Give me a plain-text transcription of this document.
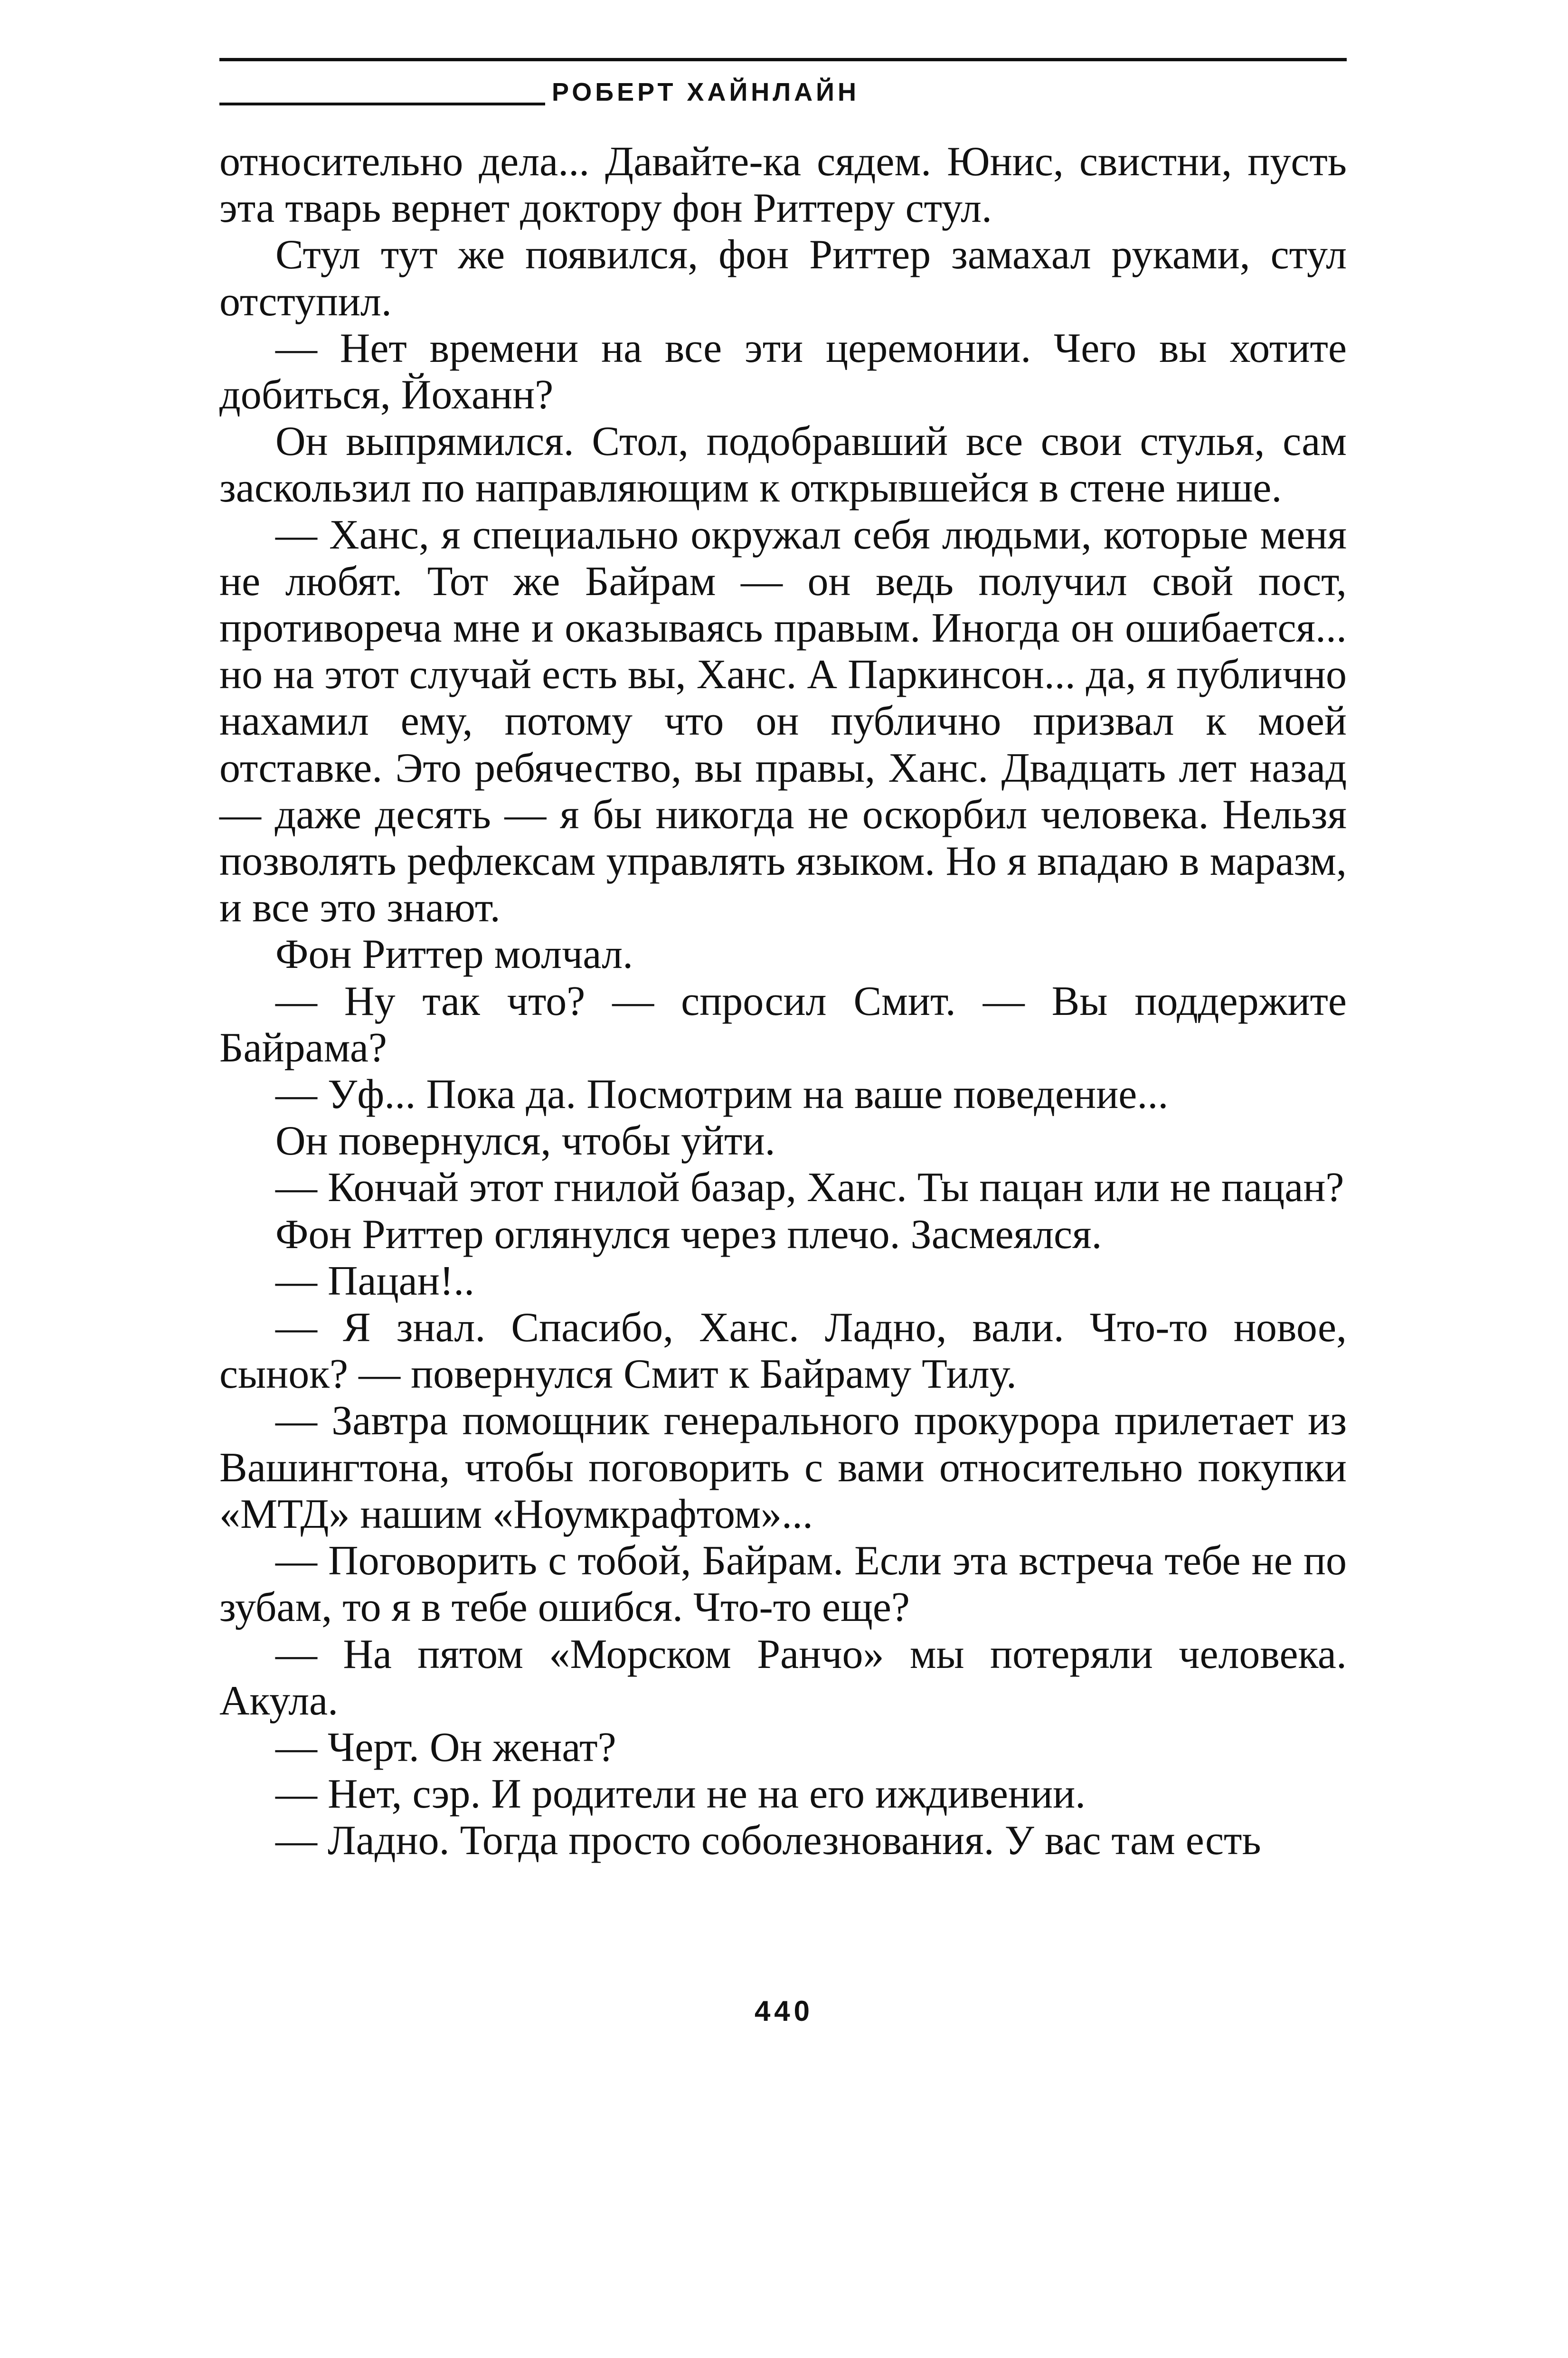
РОБЕРТ ХАЙНЛАЙН

относительно дела... Давайте-ка сядем. Юнис, свистни, пусть эта тварь вернет доктору фон Риттеру стул.

Стул тут же появился, фон Риттер замахал руками, стул отступил.

— Нет времени на все эти церемонии. Чего вы хотите добиться, Йоханн?

Он выпрямился. Стол, подобравший все свои стулья, сам заскользил по направляющим к открывшейся в стене нише.

— Ханс, я специально окружал себя людьми, которые меня не любят. Тот же Байрам — он ведь получил свой пост, противореча мне и оказываясь правым. Иногда он ошибается... но на этот случай есть вы, Ханс. А Паркинсон... да, я публично нахамил ему, потому что он публично призвал к моей отставке. Это ребячество, вы правы, Ханс. Двадцать лет назад — даже десять — я бы никогда не оскорбил человека. Нельзя позволять рефлексам управлять языком. Но я впадаю в маразм, и все это знают.

Фон Риттер молчал.

— Ну так что? — спросил Смит. — Вы поддержите Байрама?

— Уф... Пока да. Посмотрим на ваше поведение...

Он повернулся, чтобы уйти.

— Кончай этот гнилой базар, Ханс. Ты пацан или не пацан?

Фон Риттер оглянулся через плечо. Засмеялся.

— Пацан!..

— Я знал. Спасибо, Ханс. Ладно, вали. Что-то новое, сынок? — повернулся Смит к Байраму Тилу.

— Завтра помощник генерального прокурора прилетает из Вашингтона, чтобы поговорить с вами относительно покупки «МТД» нашим «Ноумкрафтом»...

— Поговорить с тобой, Байрам. Если эта встреча тебе не по зубам, то я в тебе ошибся. Что-то еще?

— На пятом «Морском Ранчо» мы потеряли человека. Акула.

— Черт. Он женат?

— Нет, сэр. И родители не на его иждивении.

— Ладно. Тогда просто соболезнования. У вас там есть

440
